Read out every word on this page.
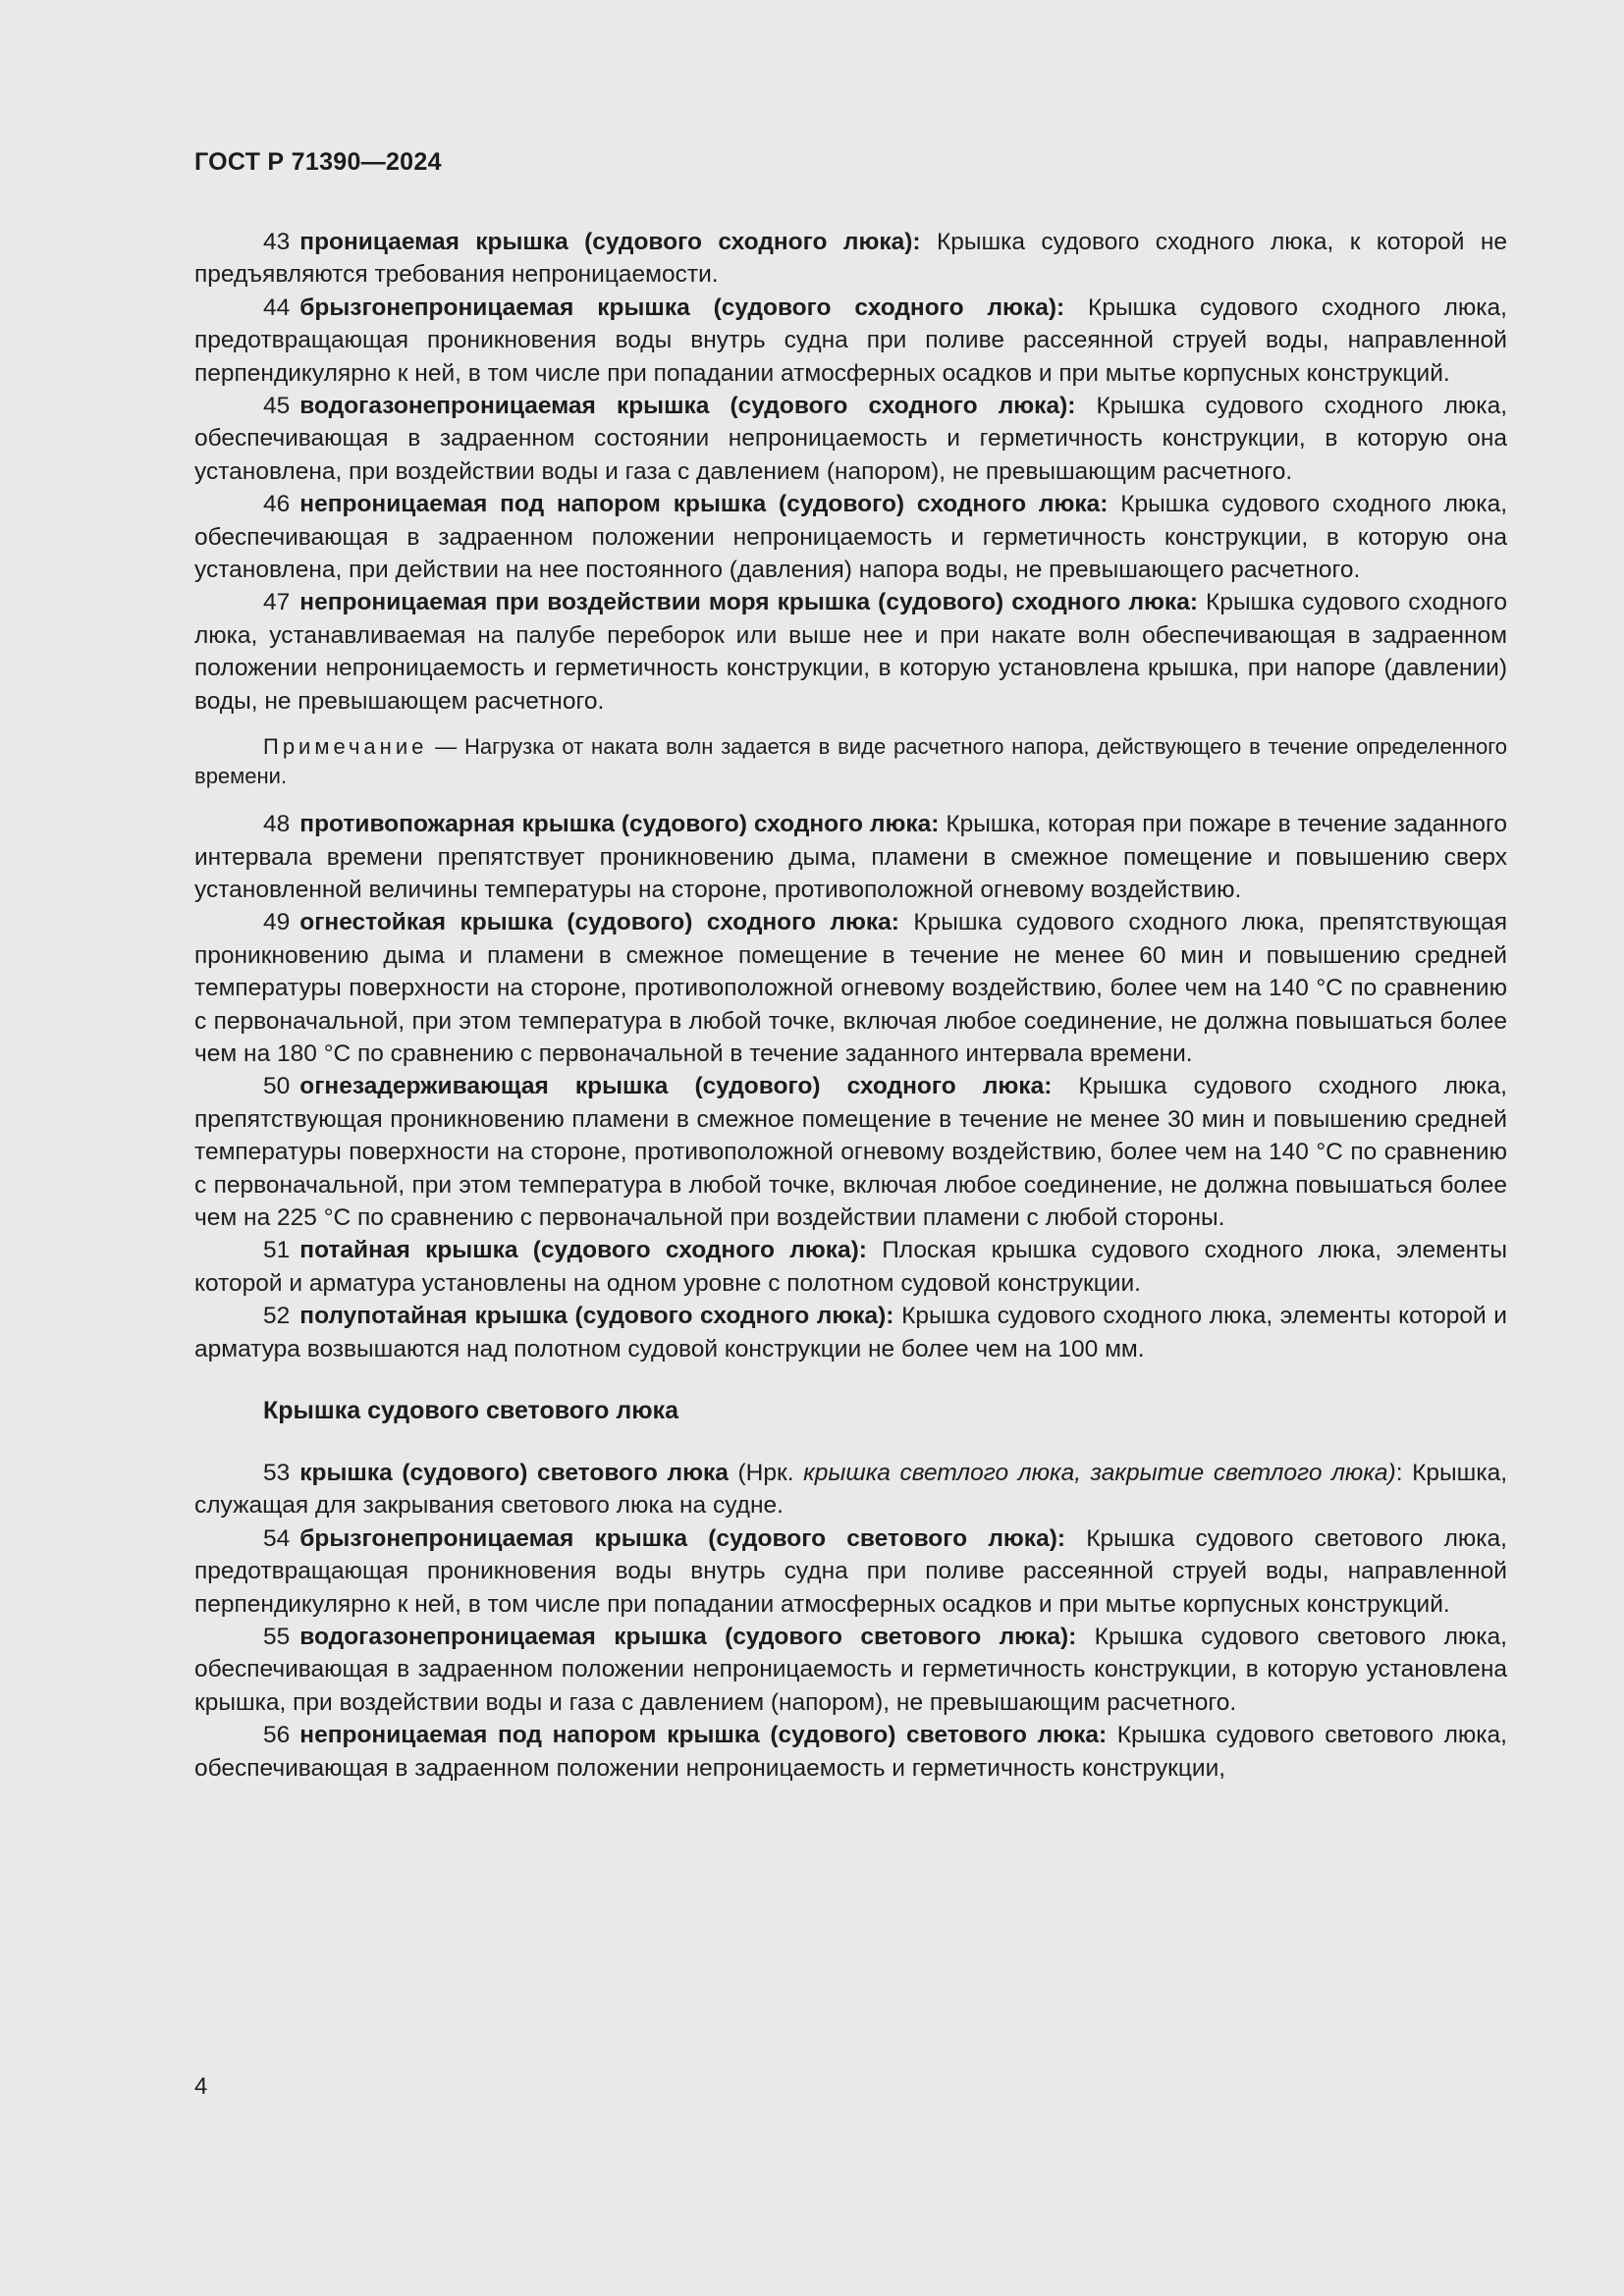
ГОСТ Р 71390—2024

43 проницаемая крышка (судового сходного люка): Крышка судового сходного люка, к которой не предъявляются требования непроницаемости.

44 брызгонепроницаемая крышка (судового сходного люка): Крышка судового сходного люка, предотвращающая проникновения воды внутрь судна при поливе рассеянной струей воды, направленной перпендикулярно к ней, в том числе при попадании атмосферных осадков и при мытье корпусных конструкций.

45 водогазонепроницаемая крышка (судового сходного люка): Крышка судового сходного люка, обеспечивающая в задраенном состоянии непроницаемость и герметичность конструкции, в которую она установлена, при воздействии воды и газа с давлением (напором), не превышающим расчетного.

46 непроницаемая под напором крышка (судового) сходного люка: Крышка судового сходного люка, обеспечивающая в задраенном положении непроницаемость и герметичность конструкции, в которую она установлена, при действии на нее постоянного (давления) напора воды, не превышающего расчетного.

47 непроницаемая при воздействии моря крышка (судового) сходного люка: Крышка судового сходного люка, устанавливаемая на палубе переборок или выше нее и при накате волн обеспечивающая в задраенном положении непроницаемость и герметичность конструкции, в которую установлена крышка, при напоре (давлении) воды, не превышающем расчетного.

Примечание — Нагрузка от наката волн задается в виде расчетного напора, действующего в течение определенного времени.

48 противопожарная крышка (судового) сходного люка: Крышка, которая при пожаре в течение заданного интервала времени препятствует проникновению дыма, пламени в смежное помещение и повышению сверх установленной величины температуры на стороне, противоположной огневому воздействию.

49 огнестойкая крышка (судового) сходного люка: Крышка судового сходного люка, препятствующая проникновению дыма и пламени в смежное помещение в течение не менее 60 мин и повышению средней температуры поверхности на стороне, противоположной огневому воздействию, более чем на 140 °С по сравнению с первоначальной, при этом температура в любой точке, включая любое соединение, не должна повышаться более чем на 180 °С по сравнению с первоначальной в течение заданного интервала времени.

50 огнезадерживающая крышка (судового) сходного люка: Крышка судового сходного люка, препятствующая проникновению пламени в смежное помещение в течение не менее 30 мин и повышению средней температуры поверхности на стороне, противоположной огневому воздействию, более чем на 140 °С по сравнению с первоначальной, при этом температура в любой точке, включая любое соединение, не должна повышаться более чем на 225 °С по сравнению с первоначальной при воздействии пламени с любой стороны.

51 потайная крышка (судового сходного люка): Плоская крышка судового сходного люка, элементы которой и арматура установлены на одном уровне с полотном судовой конструкции.

52 полупотайная крышка (судового сходного люка): Крышка судового сходного люка, элементы которой и арматура возвышаются над полотном судовой конструкции не более чем на 100 мм.

Крышка судового светового люка

53 крышка (судового) светового люка (Нрк. крышка светлого люка, закрытие светлого люка): Крышка, служащая для закрывания светового люка на судне.

54 брызгонепроницаемая крышка (судового светового люка): Крышка судового светового люка, предотвращающая проникновения воды внутрь судна при поливе рассеянной струей воды, направленной перпендикулярно к ней, в том числе при попадании атмосферных осадков и при мытье корпусных конструкций.

55 водогазонепроницаемая крышка (судового светового люка): Крышка судового светового люка, обеспечивающая в задраенном положении непроницаемость и герметичность конструкции, в которую установлена крышка, при воздействии воды и газа с давлением (напором), не превышающим расчетного.

56 непроницаемая под напором крышка (судового) светового люка: Крышка судового светового люка, обеспечивающая в задраенном положении непроницаемость и герметичность конструкции,

4
